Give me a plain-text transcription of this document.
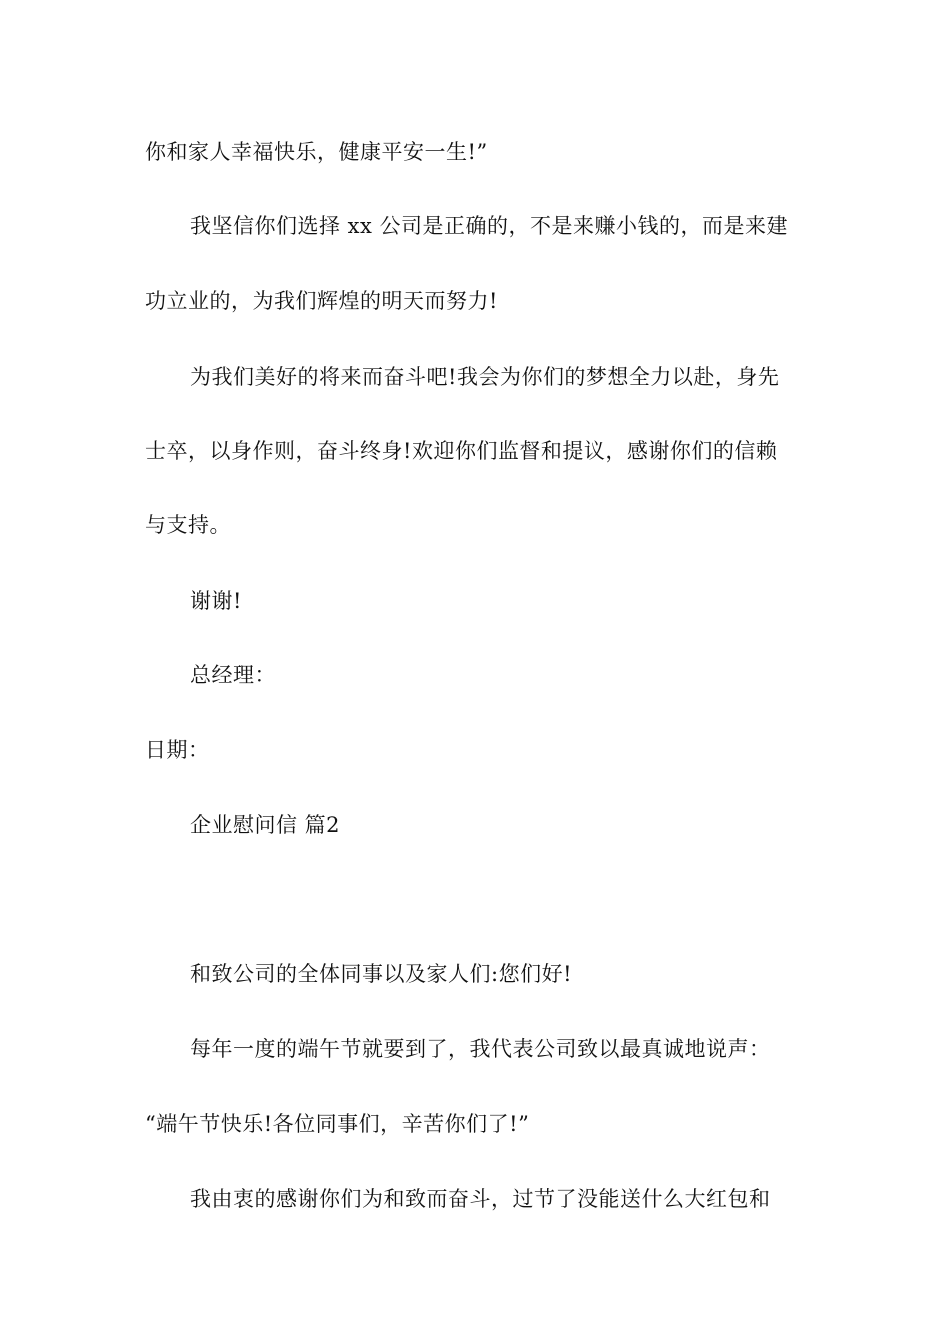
你和家人幸福快乐，健康平安一生!”
我坚信你们选择 xx 公司是正确的，不是来赚小钱的，而是来建
功立业的，为我们辉煌的明天而努力!
为我们美好的将来而奋斗吧!我会为你们的梦想全力以赴，身先
士卒，以身作则，奋斗终身!欢迎你们监督和提议，感谢你们的信赖
与支持。
谢谢!
总经理：
日期：
企业慰问信 篇2
和致公司的全体同事以及家人们:您们好!
每年一度的端午节就要到了，我代表公司致以最真诚地说声：
“端午节快乐!各位同事们，辛苦你们了!”
我由衷的感谢你们为和致而奋斗，过节了没能送什么大红包和
